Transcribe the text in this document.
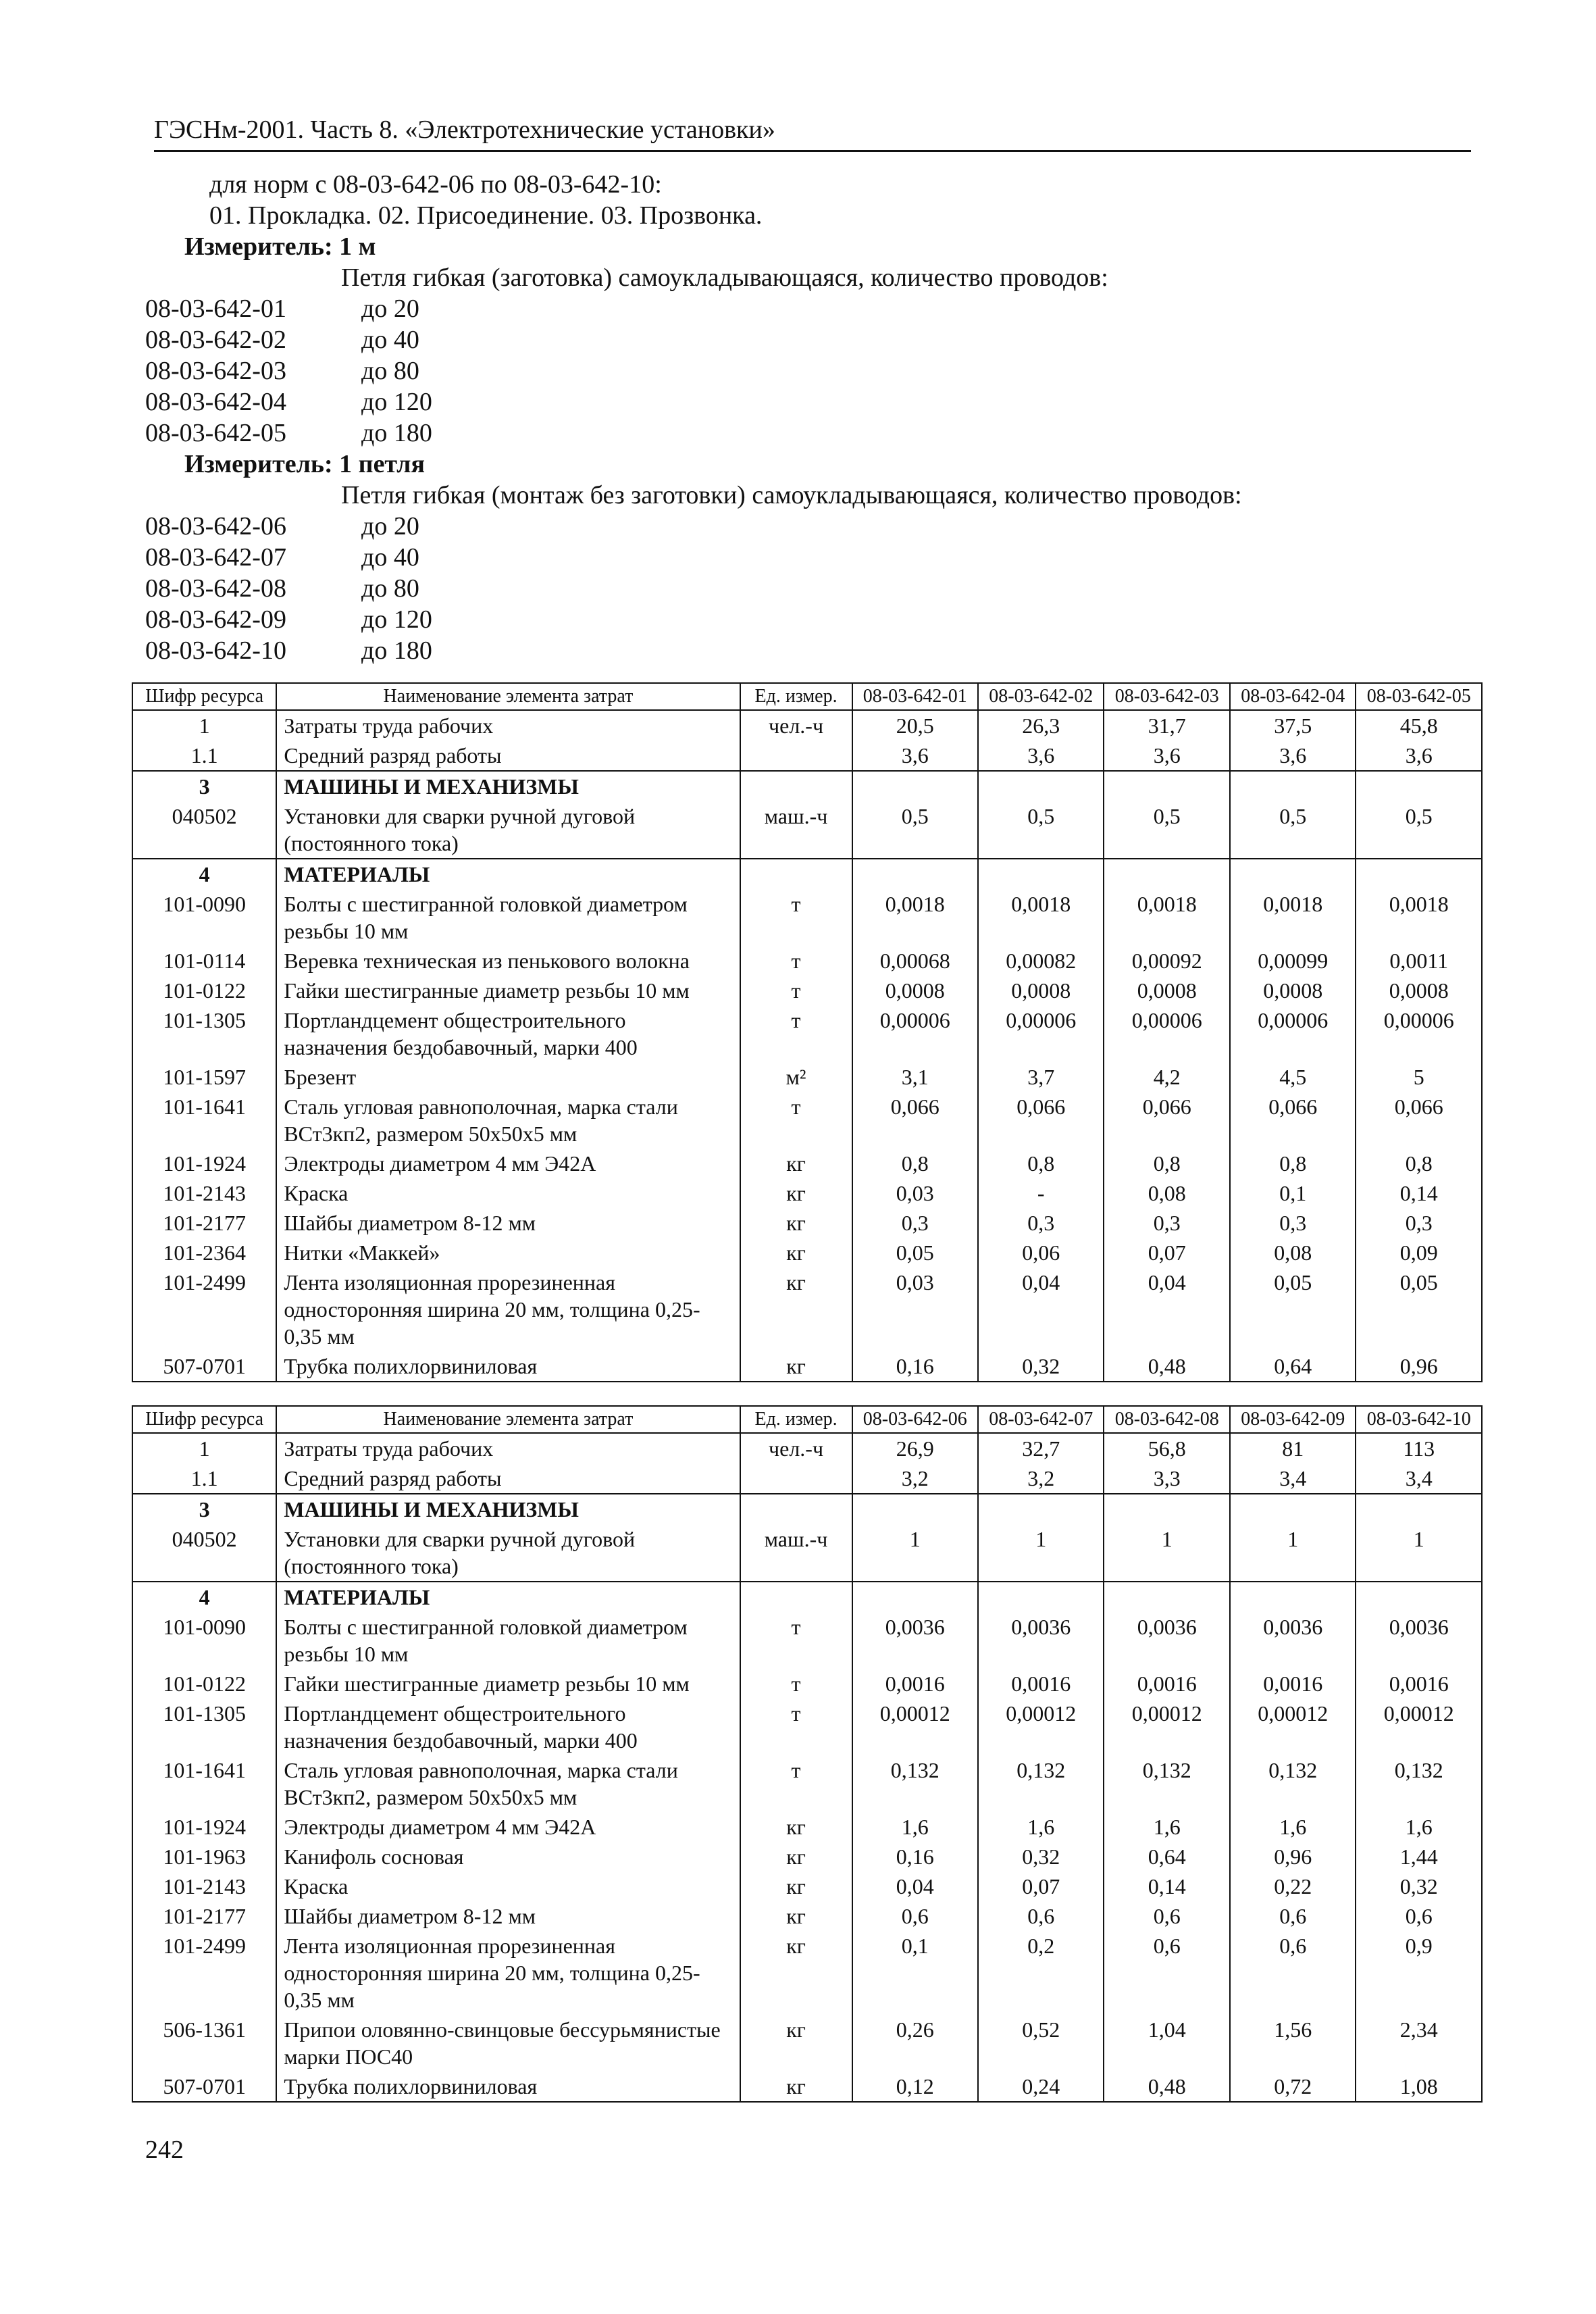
ГЭСНм-2001. Часть 8. «Электротехнические установки»
для норм с 08-03-642-06 по 08-03-642-10:
01. Прокладка. 02. Присоединение. 03. Прозвонка.
Измеритель: 1 м
Петля гибкая (заготовка) самоукладывающаяся, количество проводов:
08-03-642-01	до 20
08-03-642-02	до 40
08-03-642-03	до 80
08-03-642-04	до 120
08-03-642-05	до 180
Измеритель: 1 петля
Петля гибкая (монтаж без заготовки) самоукладывающаяся, количество проводов:
08-03-642-06	до 20
08-03-642-07	до 40
08-03-642-08	до 80
08-03-642-09	до 120
08-03-642-10	до 180
Шифр ресурса	Наименование элемента затрат	Ед. измер.	08-03-642-01	08-03-642-02	08-03-642-03	08-03-642-04	08-03-642-05
1	Затраты труда рабочих	чел.-ч	20,5	26,3	31,7	37,5	45,8
1.1	Средний разряд работы		3,6	3,6	3,6	3,6	3,6
3	МАШИНЫ И МЕХАНИЗМЫ						
040502	Установки для сварки ручной дуговой (постоянного тока)	маш.-ч	0,5	0,5	0,5	0,5	0,5
4	МАТЕРИАЛЫ						
101-0090	Болты с шестигранной головкой диаметром резьбы 10 мм	т	0,0018	0,0018	0,0018	0,0018	0,0018
101-0114	Веревка техническая из пенькового волокна	т	0,00068	0,00082	0,00092	0,00099	0,0011
101-0122	Гайки шестигранные диаметр резьбы 10 мм	т	0,0008	0,0008	0,0008	0,0008	0,0008
101-1305	Портландцемент общестроительного назначения бездобавочный, марки 400	т	0,00006	0,00006	0,00006	0,00006	0,00006
101-1597	Брезент	м²	3,1	3,7	4,2	4,5	5
101-1641	Сталь угловая равнополочная, марка стали ВСт3кп2, размером 50х50х5 мм	т	0,066	0,066	0,066	0,066	0,066
101-1924	Электроды диаметром 4 мм Э42А	кг	0,8	0,8	0,8	0,8	0,8
101-2143	Краска	кг	0,03	-	0,08	0,1	0,14
101-2177	Шайбы диаметром 8-12 мм	кг	0,3	0,3	0,3	0,3	0,3
101-2364	Нитки «Маккей»	кг	0,05	0,06	0,07	0,08	0,09
101-2499	Лента изоляционная прорезиненная односторонняя ширина 20 мм, толщина 0,25-0,35 мм	кг	0,03	0,04	0,04	0,05	0,05
507-0701	Трубка полихлорвиниловая	кг	0,16	0,32	0,48	0,64	0,96
Шифр ресурса	Наименование элемента затрат	Ед. измер.	08-03-642-06	08-03-642-07	08-03-642-08	08-03-642-09	08-03-642-10
1	Затраты труда рабочих	чел.-ч	26,9	32,7	56,8	81	113
1.1	Средний разряд работы		3,2	3,2	3,3	3,4	3,4
3	МАШИНЫ И МЕХАНИЗМЫ						
040502	Установки для сварки ручной дуговой (постоянного тока)	маш.-ч	1	1	1	1	1
4	МАТЕРИАЛЫ						
101-0090	Болты с шестигранной головкой диаметром резьбы 10 мм	т	0,0036	0,0036	0,0036	0,0036	0,0036
101-0122	Гайки шестигранные диаметр резьбы 10 мм	т	0,0016	0,0016	0,0016	0,0016	0,0016
101-1305	Портландцемент общестроительного назначения бездобавочный, марки 400	т	0,00012	0,00012	0,00012	0,00012	0,00012
101-1641	Сталь угловая равнополочная, марка стали ВСт3кп2, размером 50х50х5 мм	т	0,132	0,132	0,132	0,132	0,132
101-1924	Электроды диаметром 4 мм Э42А	кг	1,6	1,6	1,6	1,6	1,6
101-1963	Канифоль сосновая	кг	0,16	0,32	0,64	0,96	1,44
101-2143	Краска	кг	0,04	0,07	0,14	0,22	0,32
101-2177	Шайбы диаметром 8-12 мм	кг	0,6	0,6	0,6	0,6	0,6
101-2499	Лента изоляционная прорезиненная односторонняя ширина 20 мм, толщина 0,25-0,35 мм	кг	0,1	0,2	0,6	0,6	0,9
506-1361	Припои оловянно-свинцовые бессурьмянистые марки ПОС40	кг	0,26	0,52	1,04	1,56	2,34
507-0701	Трубка полихлорвиниловая	кг	0,12	0,24	0,48	0,72	1,08
242
